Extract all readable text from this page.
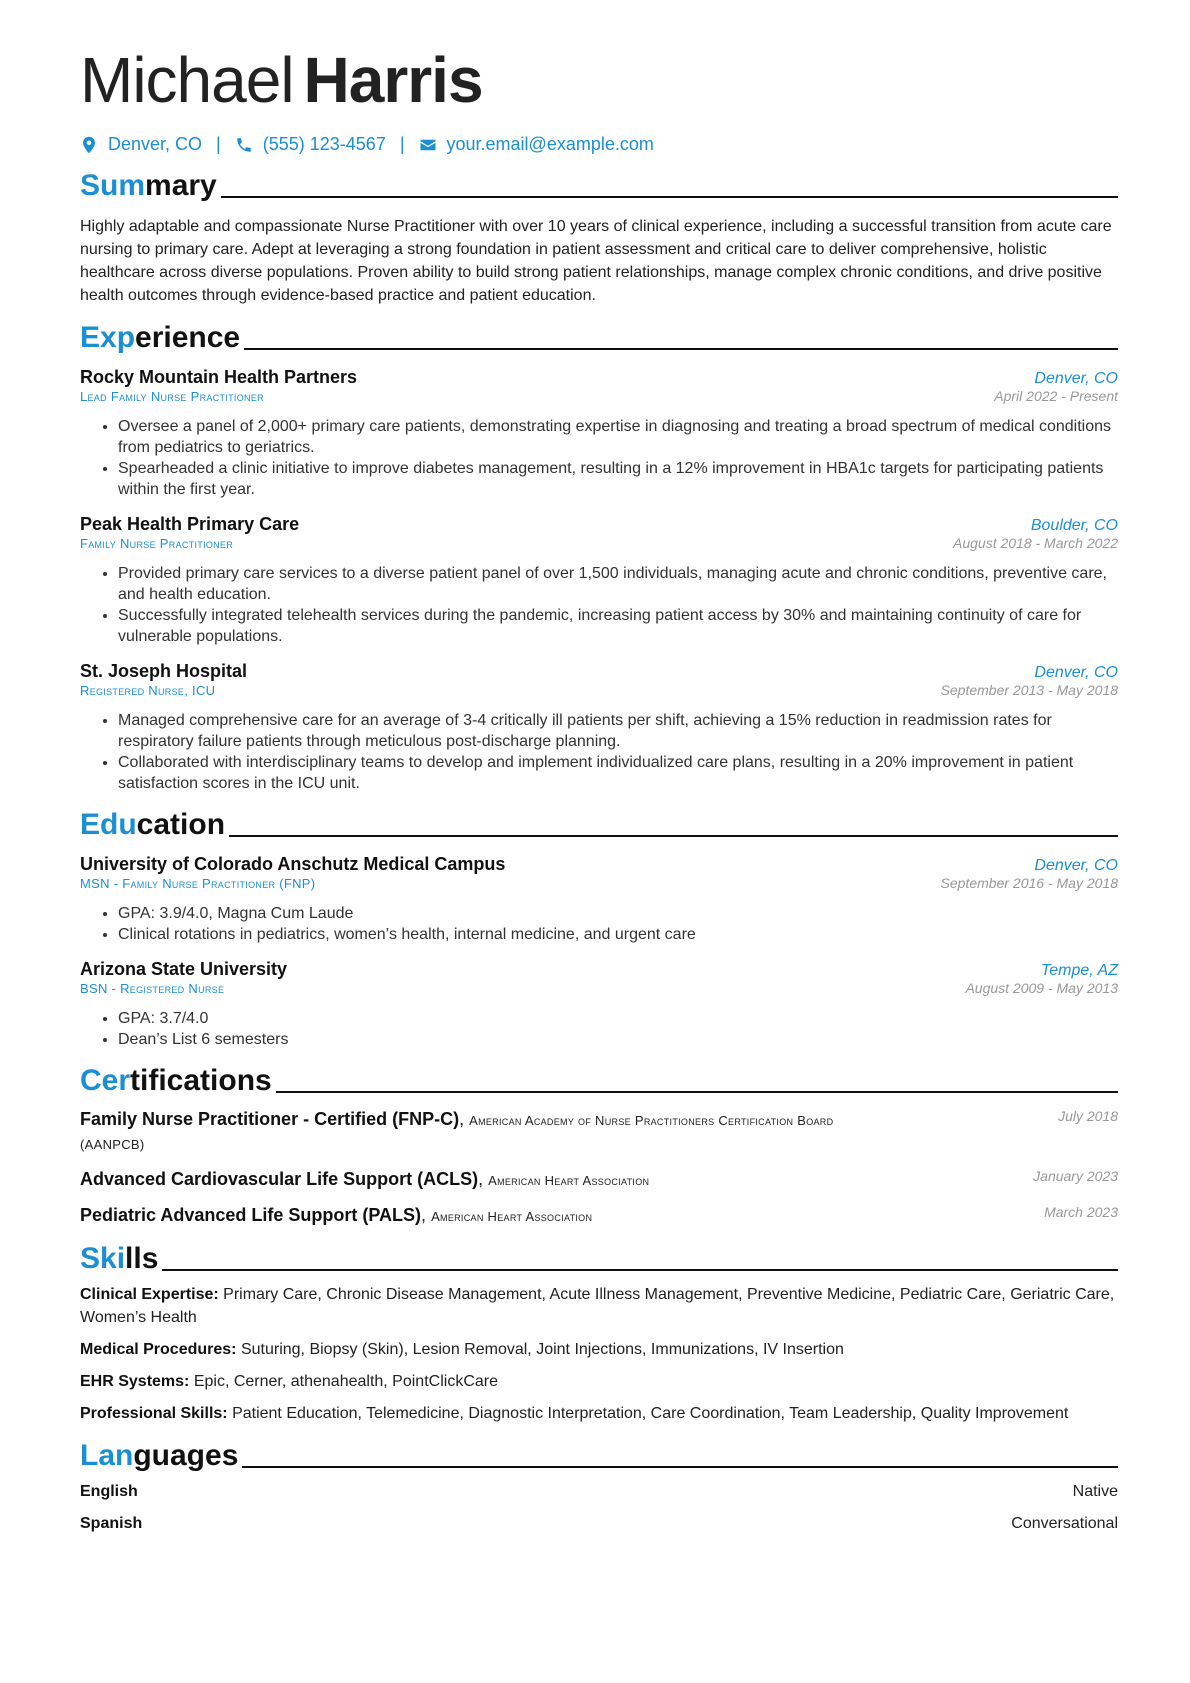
Michael Harris
Denver, CO | (555) 123-4567 | your.email@example.com
Summary
Highly adaptable and compassionate Nurse Practitioner with over 10 years of clinical experience, including a successful transition from acute care nursing to primary care. Adept at leveraging a strong foundation in patient assessment and critical care to deliver comprehensive, holistic healthcare across diverse populations. Proven ability to build strong patient relationships, manage complex chronic conditions, and drive positive health outcomes through evidence-based practice and patient education.
Experience
Rocky Mountain Health Partners	Denver, CO
Lead Family Nurse Practitioner	April 2022 - Present
• Oversee a panel of 2,000+ primary care patients, demonstrating expertise in diagnosing and treating a broad spectrum of medical conditions from pediatrics to geriatrics.
• Spearheaded a clinic initiative to improve diabetes management, resulting in a 12% improvement in HBA1c targets for participating patients within the first year.
Peak Health Primary Care	Boulder, CO
Family Nurse Practitioner	August 2018 - March 2022
• Provided primary care services to a diverse patient panel of over 1,500 individuals, managing acute and chronic conditions, preventive care, and health education.
• Successfully integrated telehealth services during the pandemic, increasing patient access by 30% and maintaining continuity of care for vulnerable populations.
St. Joseph Hospital	Denver, CO
Registered Nurse, ICU	September 2013 - May 2018
• Managed comprehensive care for an average of 3-4 critically ill patients per shift, achieving a 15% reduction in readmission rates for respiratory failure patients through meticulous post-discharge planning.
• Collaborated with interdisciplinary teams to develop and implement individualized care plans, resulting in a 20% improvement in patient satisfaction scores in the ICU unit.
Education
University of Colorado Anschutz Medical Campus	Denver, CO
MSN - Family Nurse Practitioner (FNP)	September 2016 - May 2018
• GPA: 3.9/4.0, Magna Cum Laude
• Clinical rotations in pediatrics, women’s health, internal medicine, and urgent care
Arizona State University	Tempe, AZ
BSN - Registered Nurse	August 2009 - May 2013
• GPA: 3.7/4.0
• Dean’s List 6 semesters
Certifications
Family Nurse Practitioner - Certified (FNP-C), American Academy of Nurse Practitioners Certification Board (AANPCB)
July 2018
Advanced Cardiovascular Life Support (ACLS), American Heart Association	January 2023
Pediatric Advanced Life Support (PALS), American Heart Association	March 2023
Skills
Clinical Expertise: Primary Care, Chronic Disease Management, Acute Illness Management, Preventive Medicine, Pediatric Care, Geriatric Care, Women’s Health
Medical Procedures: Suturing, Biopsy (Skin), Lesion Removal, Joint Injections, Immunizations, IV Insertion
EHR Systems: Epic, Cerner, athenahealth, PointClickCare
Professional Skills: Patient Education, Telemedicine, Diagnostic Interpretation, Care Coordination, Team Leadership, Quality Improvement
Languages
English	Native
Spanish	Conversational
